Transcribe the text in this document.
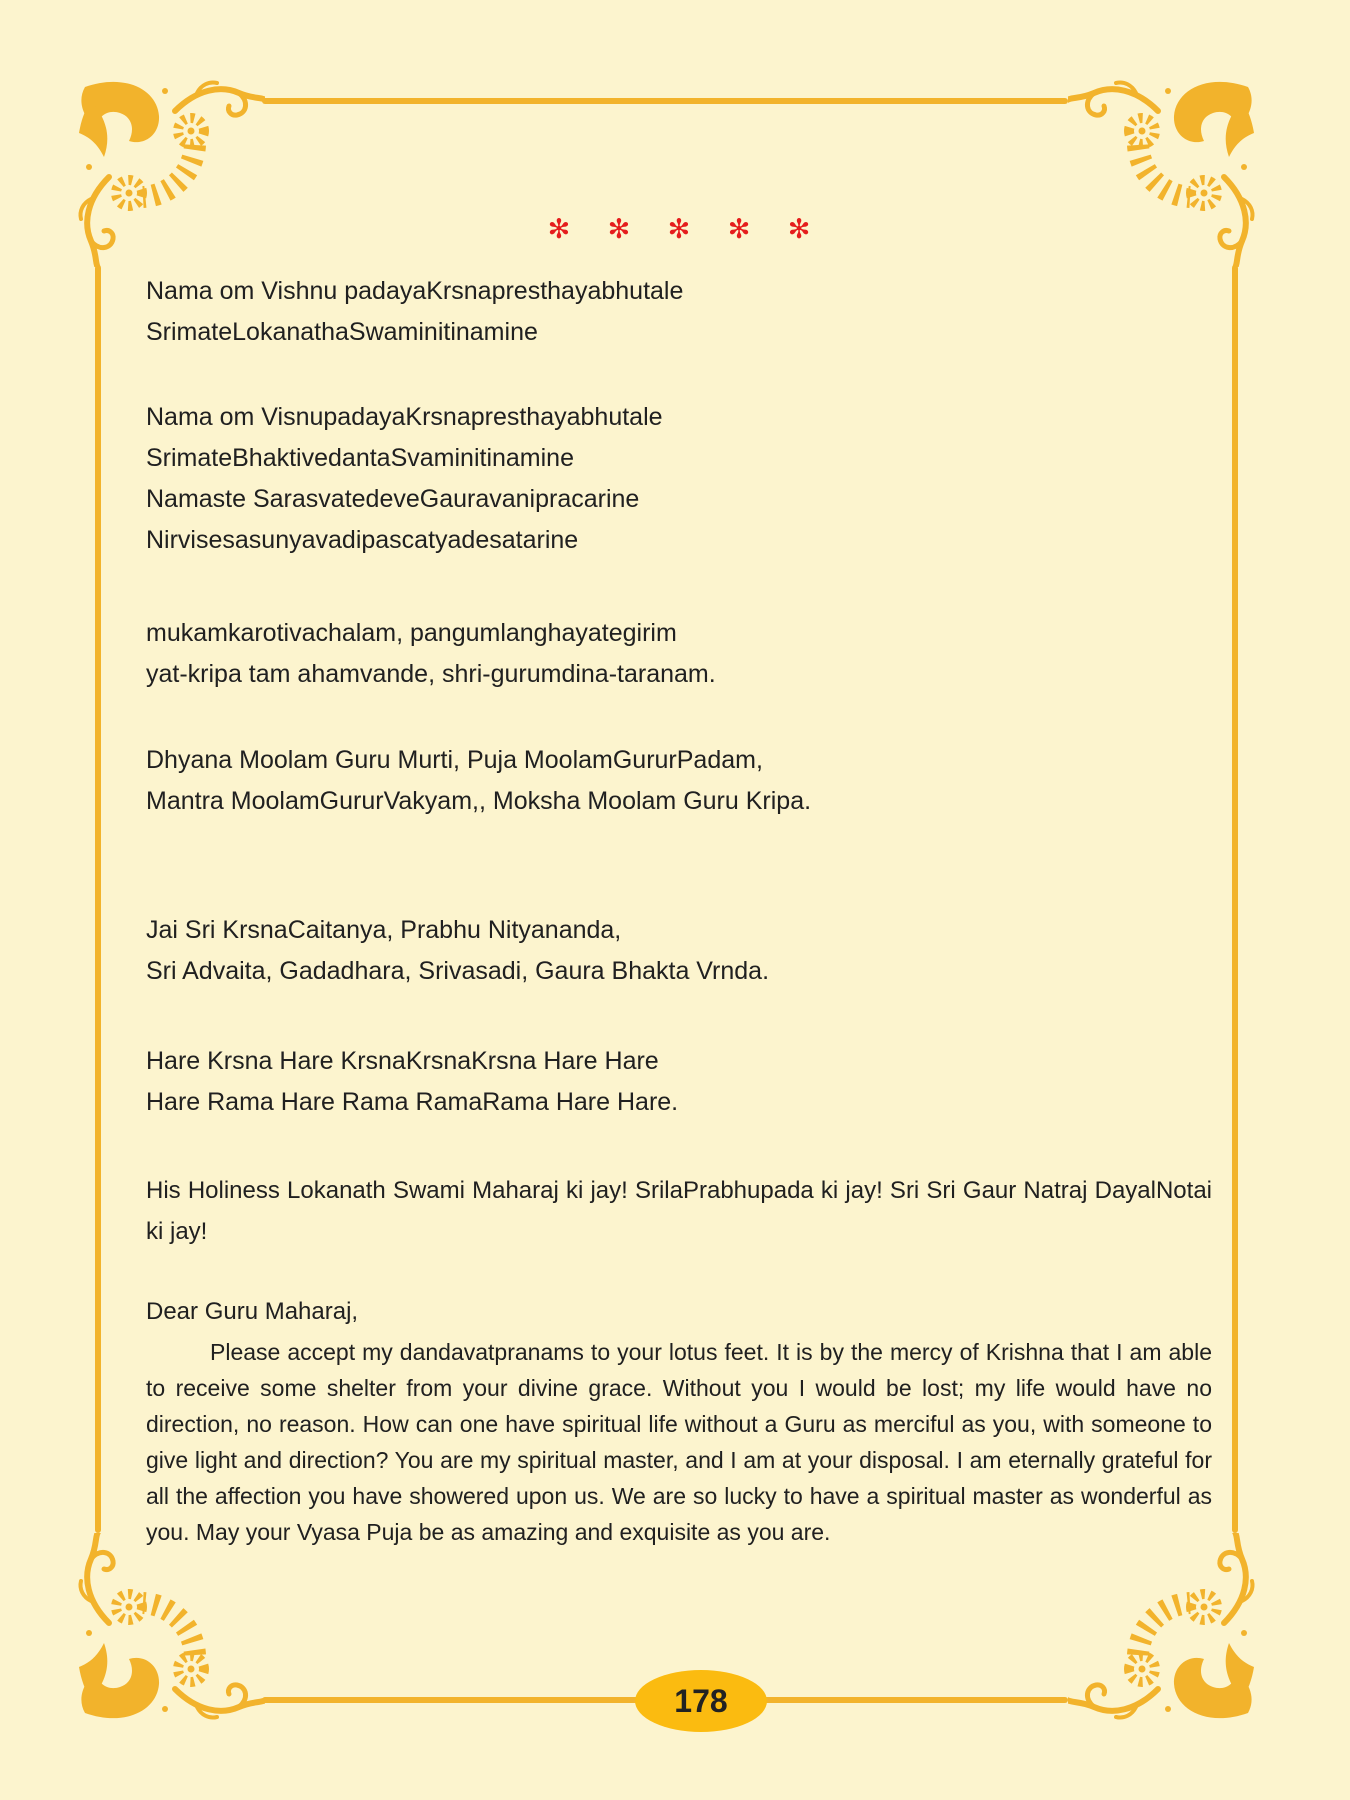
✻ ✻ ✻ ✻ ✻
Nama om Vishnu padayaKrsnapresthayabhutale
SrimateLokanathaSwaminitinamine
Nama om VisnupadayaKrsnapresthayabhutale
SrimateBhaktivedantaSvaminitinamine
Namaste SarasvatedeveGauravanipracarine
Nirvisesasunyavadipascatyadesatarine
mukamkarotivachalam, pangumlanghayategirim
yat-kripa tam ahamvande, shri-gurumdina-taranam.
Dhyana Moolam Guru Murti, Puja MoolamGururPadam,
Mantra MoolamGururVakyam,, Moksha Moolam Guru Kripa.
Jai Sri KrsnaCaitanya, Prabhu Nityananda,
Sri Advaita, Gadadhara, Srivasadi, Gaura Bhakta Vrnda.
Hare Krsna Hare KrsnaKrsnaKrsna Hare Hare
Hare Rama Hare Rama RamaRama Hare Hare.
His Holiness Lokanath Swami Maharaj ki jay! SrilaPrabhupada ki jay! Sri Sri Gaur Natraj DayalNotai ki jay!
Dear Guru Maharaj,
Please accept my dandavatpranams to your lotus feet. It is by the mercy of Krishna that I am able to receive some shelter from your divine grace. Without you I would be lost; my life would have no direction, no reason. How can one have spiritual life without a Guru as merciful as you, with someone to give light and direction? You are my spiritual master, and I am at your disposal. I am eternally grateful for all the affection you have showered upon us. We are so lucky to have a spiritual master as wonderful as you. May your Vyasa Puja be as amazing and exquisite as you are.
178
